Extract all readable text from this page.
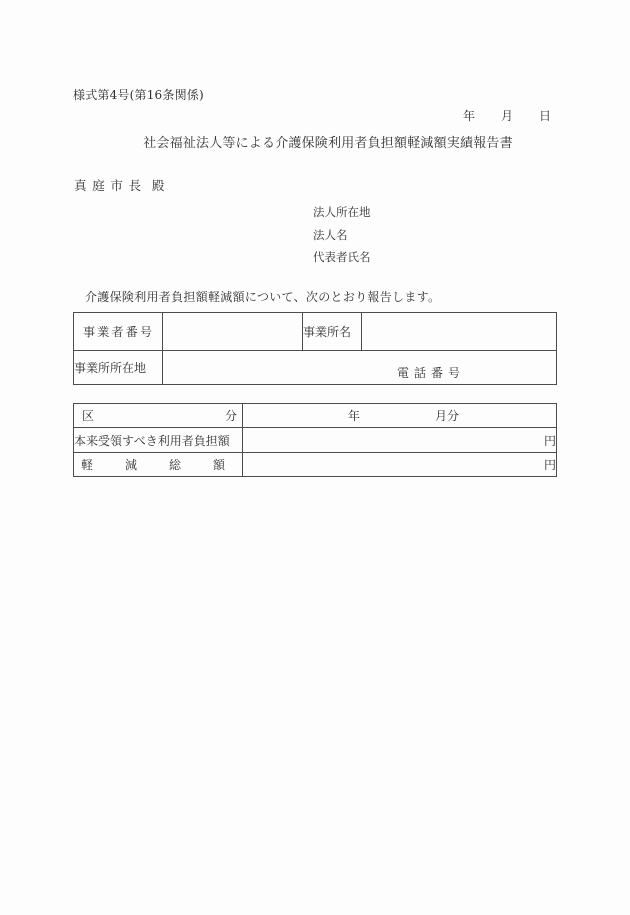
様式第4号(第16条関係)
年 月 日
社会福祉法人等による介護保険利用者負担額軽減額実績報告書
真庭市長 殿
法人所在地
法人名
代表者氏名
介護保険利用者負担額軽減額について、次のとおり報告します。
事 業 者 番 号		事業所名	
事業所所在地	電話番号		
区 分	年 月分

本来受領すべき利用者負担額	円

軽 減 総 額	円
